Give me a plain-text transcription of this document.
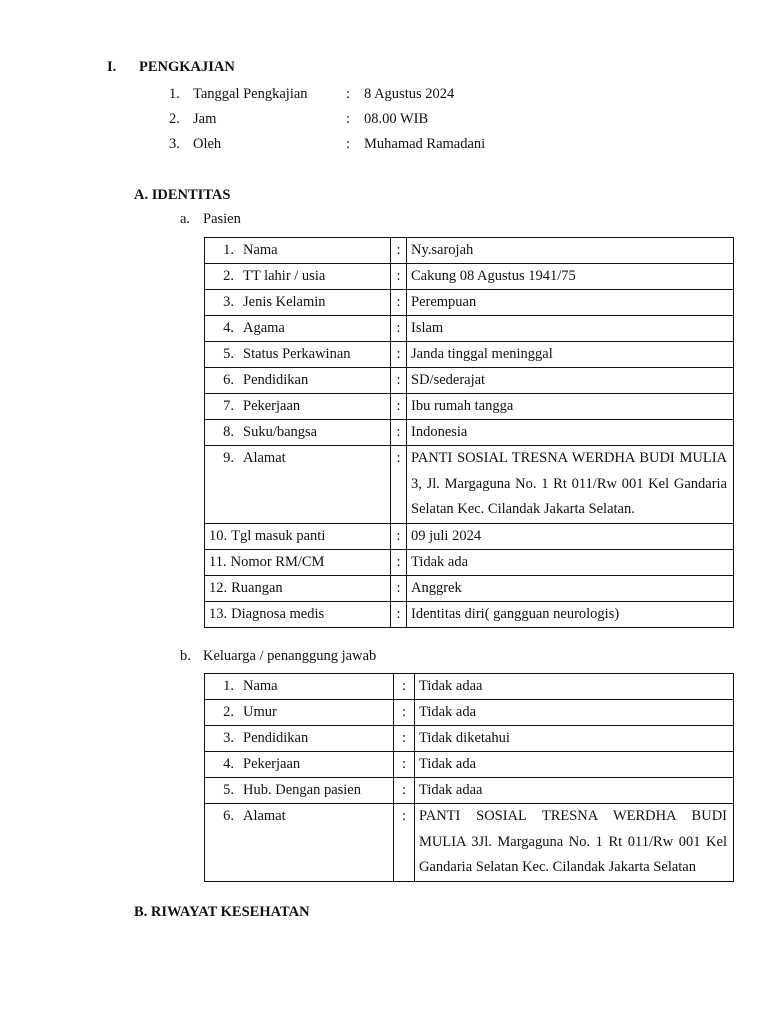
I. PENGKAJIAN
1. Tanggal Pengkajian	: 8 Agustus 2024
2. Jam	: 08.00 WIB
3. Oleh	: Muhamad Ramadani
A. IDENTITAS
a. Pasien
1. Nama	:	Ny.sarojah
2. TT lahir / usia	:	Cakung 08 Agustus 1941/75
3. Jenis Kelamin	:	Perempuan
4. Agama	:	Islam
5. Status Perkawinan	:	Janda tinggal meninggal
6. Pendidikan	:	SD/sederajat
7. Pekerjaan	:	Ibu rumah tangga
8. Suku/bangsa	:	Indonesia
9. Alamat	:	PANTI SOSIAL TRESNA WERDHA BUDI MULIA 3, Jl. Margaguna No. 1 Rt 011/Rw 001 Kel Gandaria Selatan Kec. Cilandak Jakarta Selatan.
10. Tgl masuk panti	:	09 juli 2024
11. Nomor RM/CM	:	Tidak ada
12. Ruangan	:	Anggrek
13. Diagnosa medis	:	Identitas diri( gangguan neurologis)
b. Keluarga / penanggung jawab
1. Nama	:	Tidak adaa
2. Umur	:	Tidak ada
3. Pendidikan	:	Tidak diketahui
4. Pekerjaan	:	Tidak ada
5. Hub. Dengan pasien	:	Tidak adaa
6. Alamat	:	PANTI SOSIAL TRESNA WERDHA BUDI MULIA 3Jl. Margaguna No. 1 Rt 011/Rw 001 Kel Gandaria Selatan Kec. Cilandak Jakarta Selatan
B. RIWAYAT KESEHATAN
